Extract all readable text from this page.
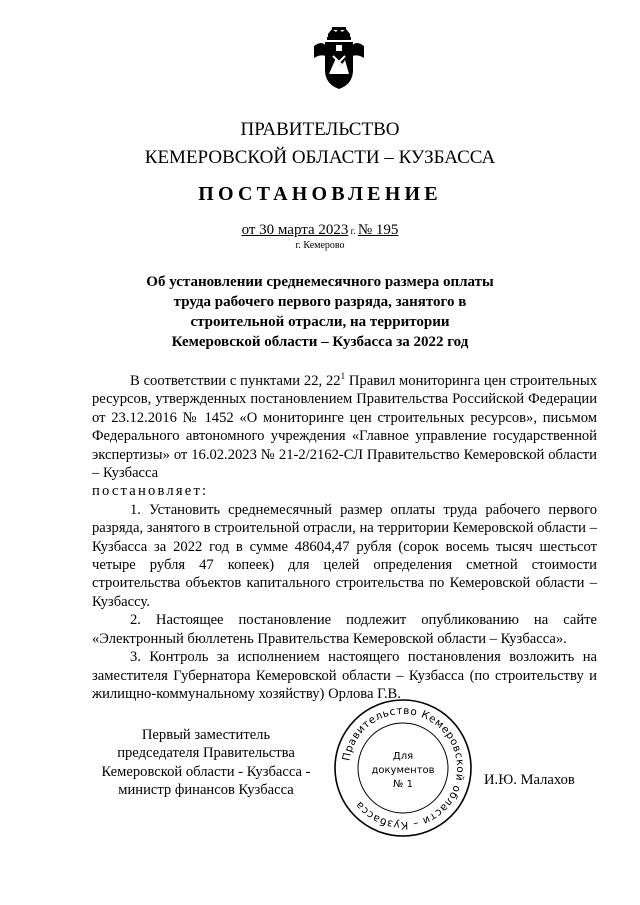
ПРАВИТЕЛЬСТВО
КЕМЕРОВСКОЙ ОБЛАСТИ – КУЗБАССА
ПОСТАНОВЛЕНИЕ
от 30 марта 2023 г. № 195
г. Кемерово
Об установлении среднемесячного размера оплаты
труда рабочего первого разряда, занятого в
строительной отрасли, на территории
Кемеровской области – Кузбасса за 2022 год

В соответствии с пунктами 22, $22^1$ Правил мониторинга цен строительных ресурсов, утвержденных постановлением Правительства Российской Федерации от 23.12.2016 № 1452 «О мониторинге цен строительных ресурсов», письмом Федерального автономного учреждения «Главное управление государственной экспертизы» от 16.02.2023 № 21-2/2162-СЛ Правительство Кемеровской области – Кузбасса

постановляет:

1. Установить среднемесячный размер оплаты труда рабочего первого разряда, занятого в строительной отрасли, на территории Кемеровской области – Кузбасса за 2022 год в сумме 48604,47 рубля (сорок восемь тысяч шестьсот четыре рубля 47 копеек) для целей определения сметной стоимости строительства объектов капитального строительства по Кемеровской области – Кузбассу.

2. Настоящее постановление подлежит опубликованию на сайте «Электронный бюллетень Правительства Кемеровской области – Кузбасса».

3. Контроль за исполнением настоящего постановления возложить на заместителя Губернатора Кемеровской области – Кузбасса (по строительству и жилищно-коммунальному хозяйству) Орлова Г.В.

Первый заместитель
председателя Правительства
Кемеровской области - Кузбасса -
министр финансов Кузбасса
Правительство Кемеровской области – Кузбасса
Для
документов
№ 1	И.Ю. Малахов
